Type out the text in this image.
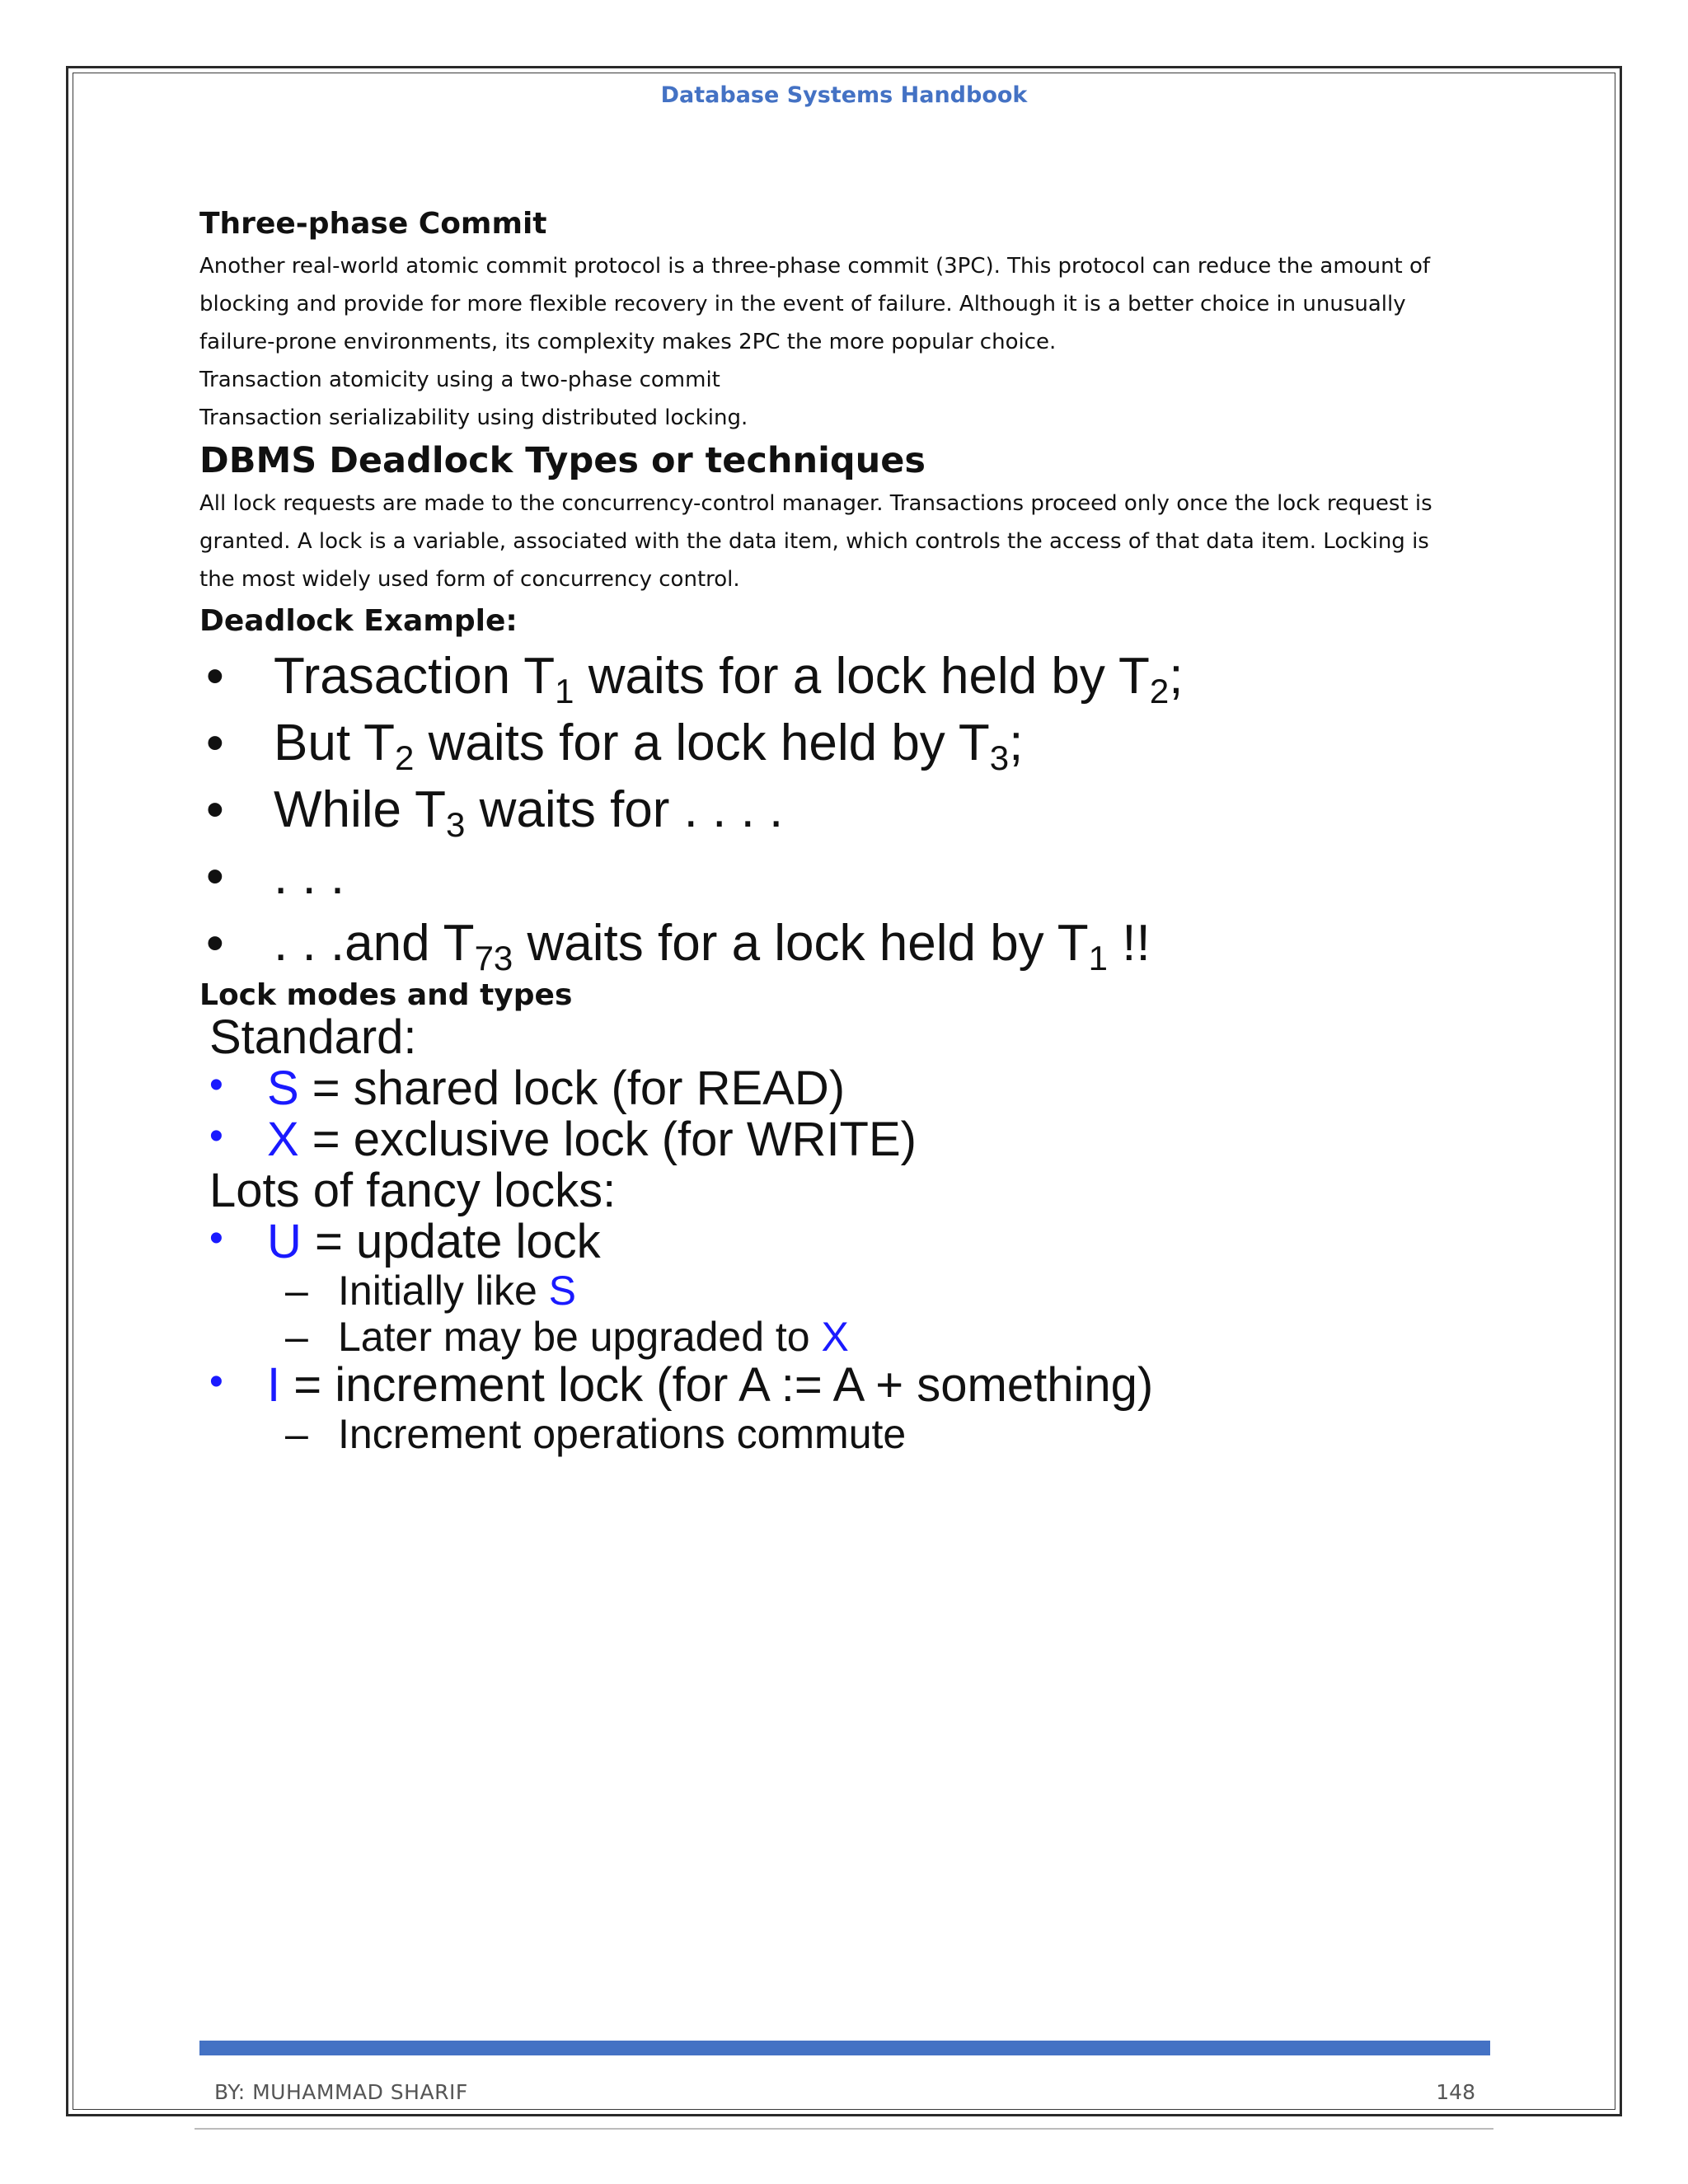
Database Systems Handbook
Three-phase Commit

Another real-world atomic commit protocol is a three-phase commit (3PC). This protocol can reduce the amount of

blocking and provide for more flexible recovery in the event of failure. Although it is a better choice in unusually

failure-prone environments, its complexity makes 2PC the more popular choice.

Transaction atomicity using a two-phase commit

Transaction serializability using distributed locking.

DBMS Deadlock Types or techniques

All lock requests are made to the concurrency-control manager. Transactions proceed only once the lock request is

granted. A lock is a variable, associated with the data item, which controls the access of that data item. Locking is

the most widely used form of concurrency control.

Deadlock Example:
• Trasaction $T_1$ waits for a lock held by $T_2$;
• But $T_2$ waits for a lock held by $T_3$;
• While $T_3$ waits for . . . .
• . . .
• . . .and $T_{73}$ waits for a lock held by $T_1$ !!
Lock modes and types
Standard:
• S = shared lock (for READ)
• X = exclusive lock (for WRITE)
Lots of fancy locks:
• U = update lock
– Initially like S
– Later may be upgraded to X
• I = increment lock (for A := A + something)
– Increment operations commute
BY: MUHAMMAD SHARIF	148
